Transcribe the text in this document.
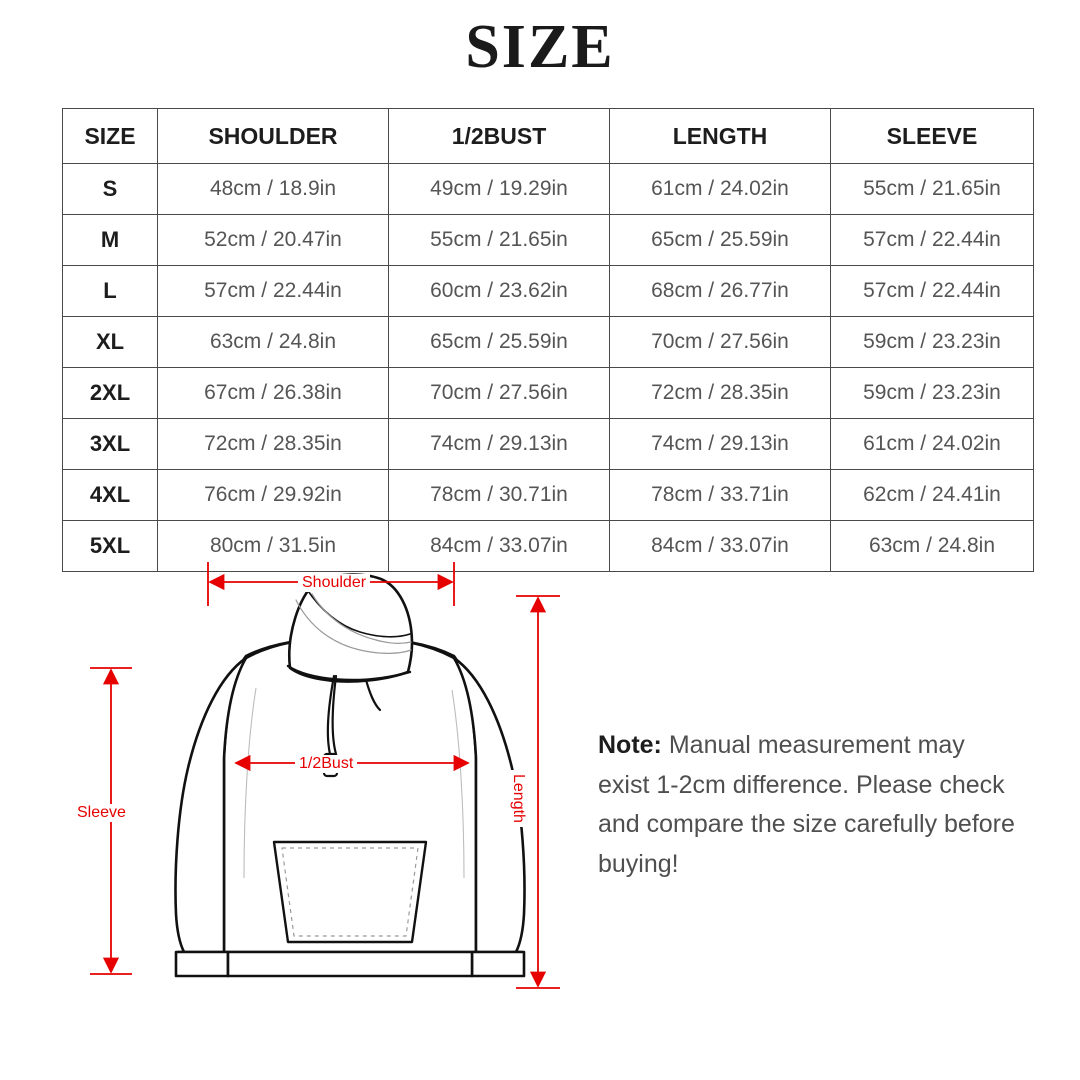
SIZE
SIZE	SHOULDER	1/2BUST	LENGTH	SLEEVE
S	48cm / 18.9in	49cm / 19.29in	61cm / 24.02in	55cm / 21.65in
M	52cm / 20.47in	55cm / 21.65in	65cm / 25.59in	57cm / 22.44in
L	57cm / 22.44in	60cm / 23.62in	68cm / 26.77in	57cm / 22.44in
XL	63cm / 24.8in	65cm / 25.59in	70cm / 27.56in	59cm / 23.23in
2XL	67cm / 26.38in	70cm / 27.56in	72cm / 28.35in	59cm / 23.23in
3XL	72cm / 28.35in	74cm / 29.13in	74cm / 29.13in	61cm / 24.02in
4XL	76cm / 29.92in	78cm / 30.71in	78cm / 33.71in	62cm / 24.41in
5XL	80cm / 31.5in	84cm / 33.07in	84cm / 33.07in	63cm / 24.8in
Shoulder
1/2Bust
Sleeve	Length
Note: Manual measurement may exist 1-2cm difference. Please check and compare the size carefully before buying!
